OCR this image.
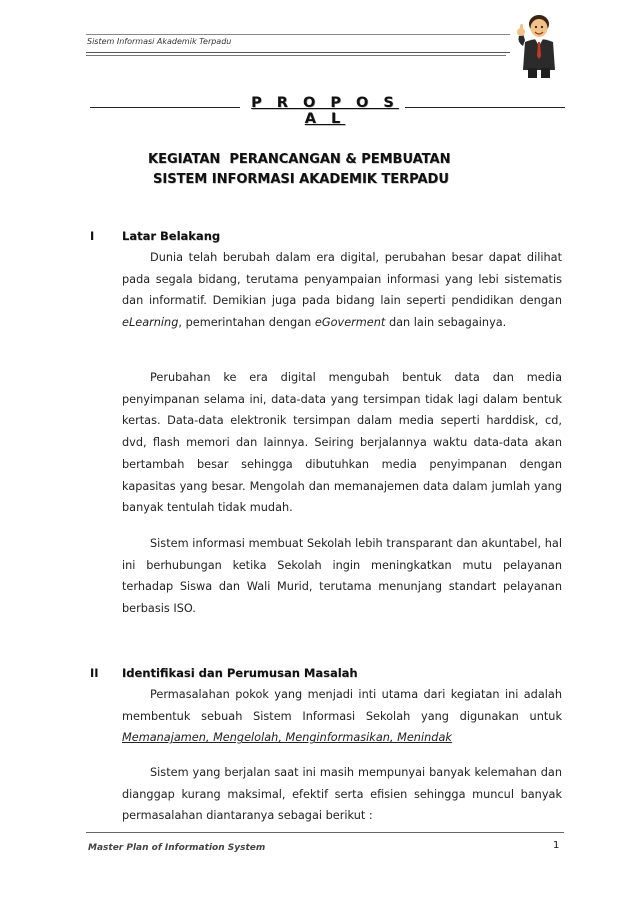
Sistem Informasi Akademik Terpadu
P R O P O S A L
KEGIATAN  PERANCANGAN & PEMBUATAN
SISTEM INFORMASI AKADEMIK TERPADU
I Latar Belakang
Dunia telah berubah dalam era digital, perubahan besar dapat dilihat pada segala bidang, terutama penyampaian informasi yang lebi sistematis dan informatif. Demikian juga pada bidang lain seperti pendidikan dengan eLearning, pemerintahan dengan eGoverment dan lain sebagainya.
Perubahan ke era digital mengubah bentuk data dan media penyimpanan selama ini, data-data yang tersimpan tidak lagi dalam bentuk kertas. Data-data elektronik tersimpan dalam media seperti harddisk, cd, dvd, flash memori dan lainnya. Seiring berjalannya waktu data-data akan bertambah besar sehingga dibutuhkan media penyimpanan dengan kapasitas yang besar. Mengolah dan memanajemen data dalam jumlah yang banyak tentulah tidak mudah.
Sistem informasi membuat Sekolah lebih transparant dan akuntabel, hal ini berhubungan ketika Sekolah ingin meningkatkan mutu pelayanan terhadap Siswa dan Wali Murid, terutama menunjang standart pelayanan berbasis ISO.
II Identifikasi dan Perumusan Masalah
Permasalahan pokok yang menjadi inti utama dari kegiatan ini adalah membentuk sebuah Sistem Informasi Sekolah yang digunakan untuk Memanajamen, Mengelolah, Menginformasikan, Menindak
Sistem yang berjalan saat ini masih mempunyai banyak kelemahan dan dianggap kurang maksimal, efektif serta efisien sehingga muncul banyak permasalahan diantaranya sebagai berikut :
Master Plan of Information System	1
